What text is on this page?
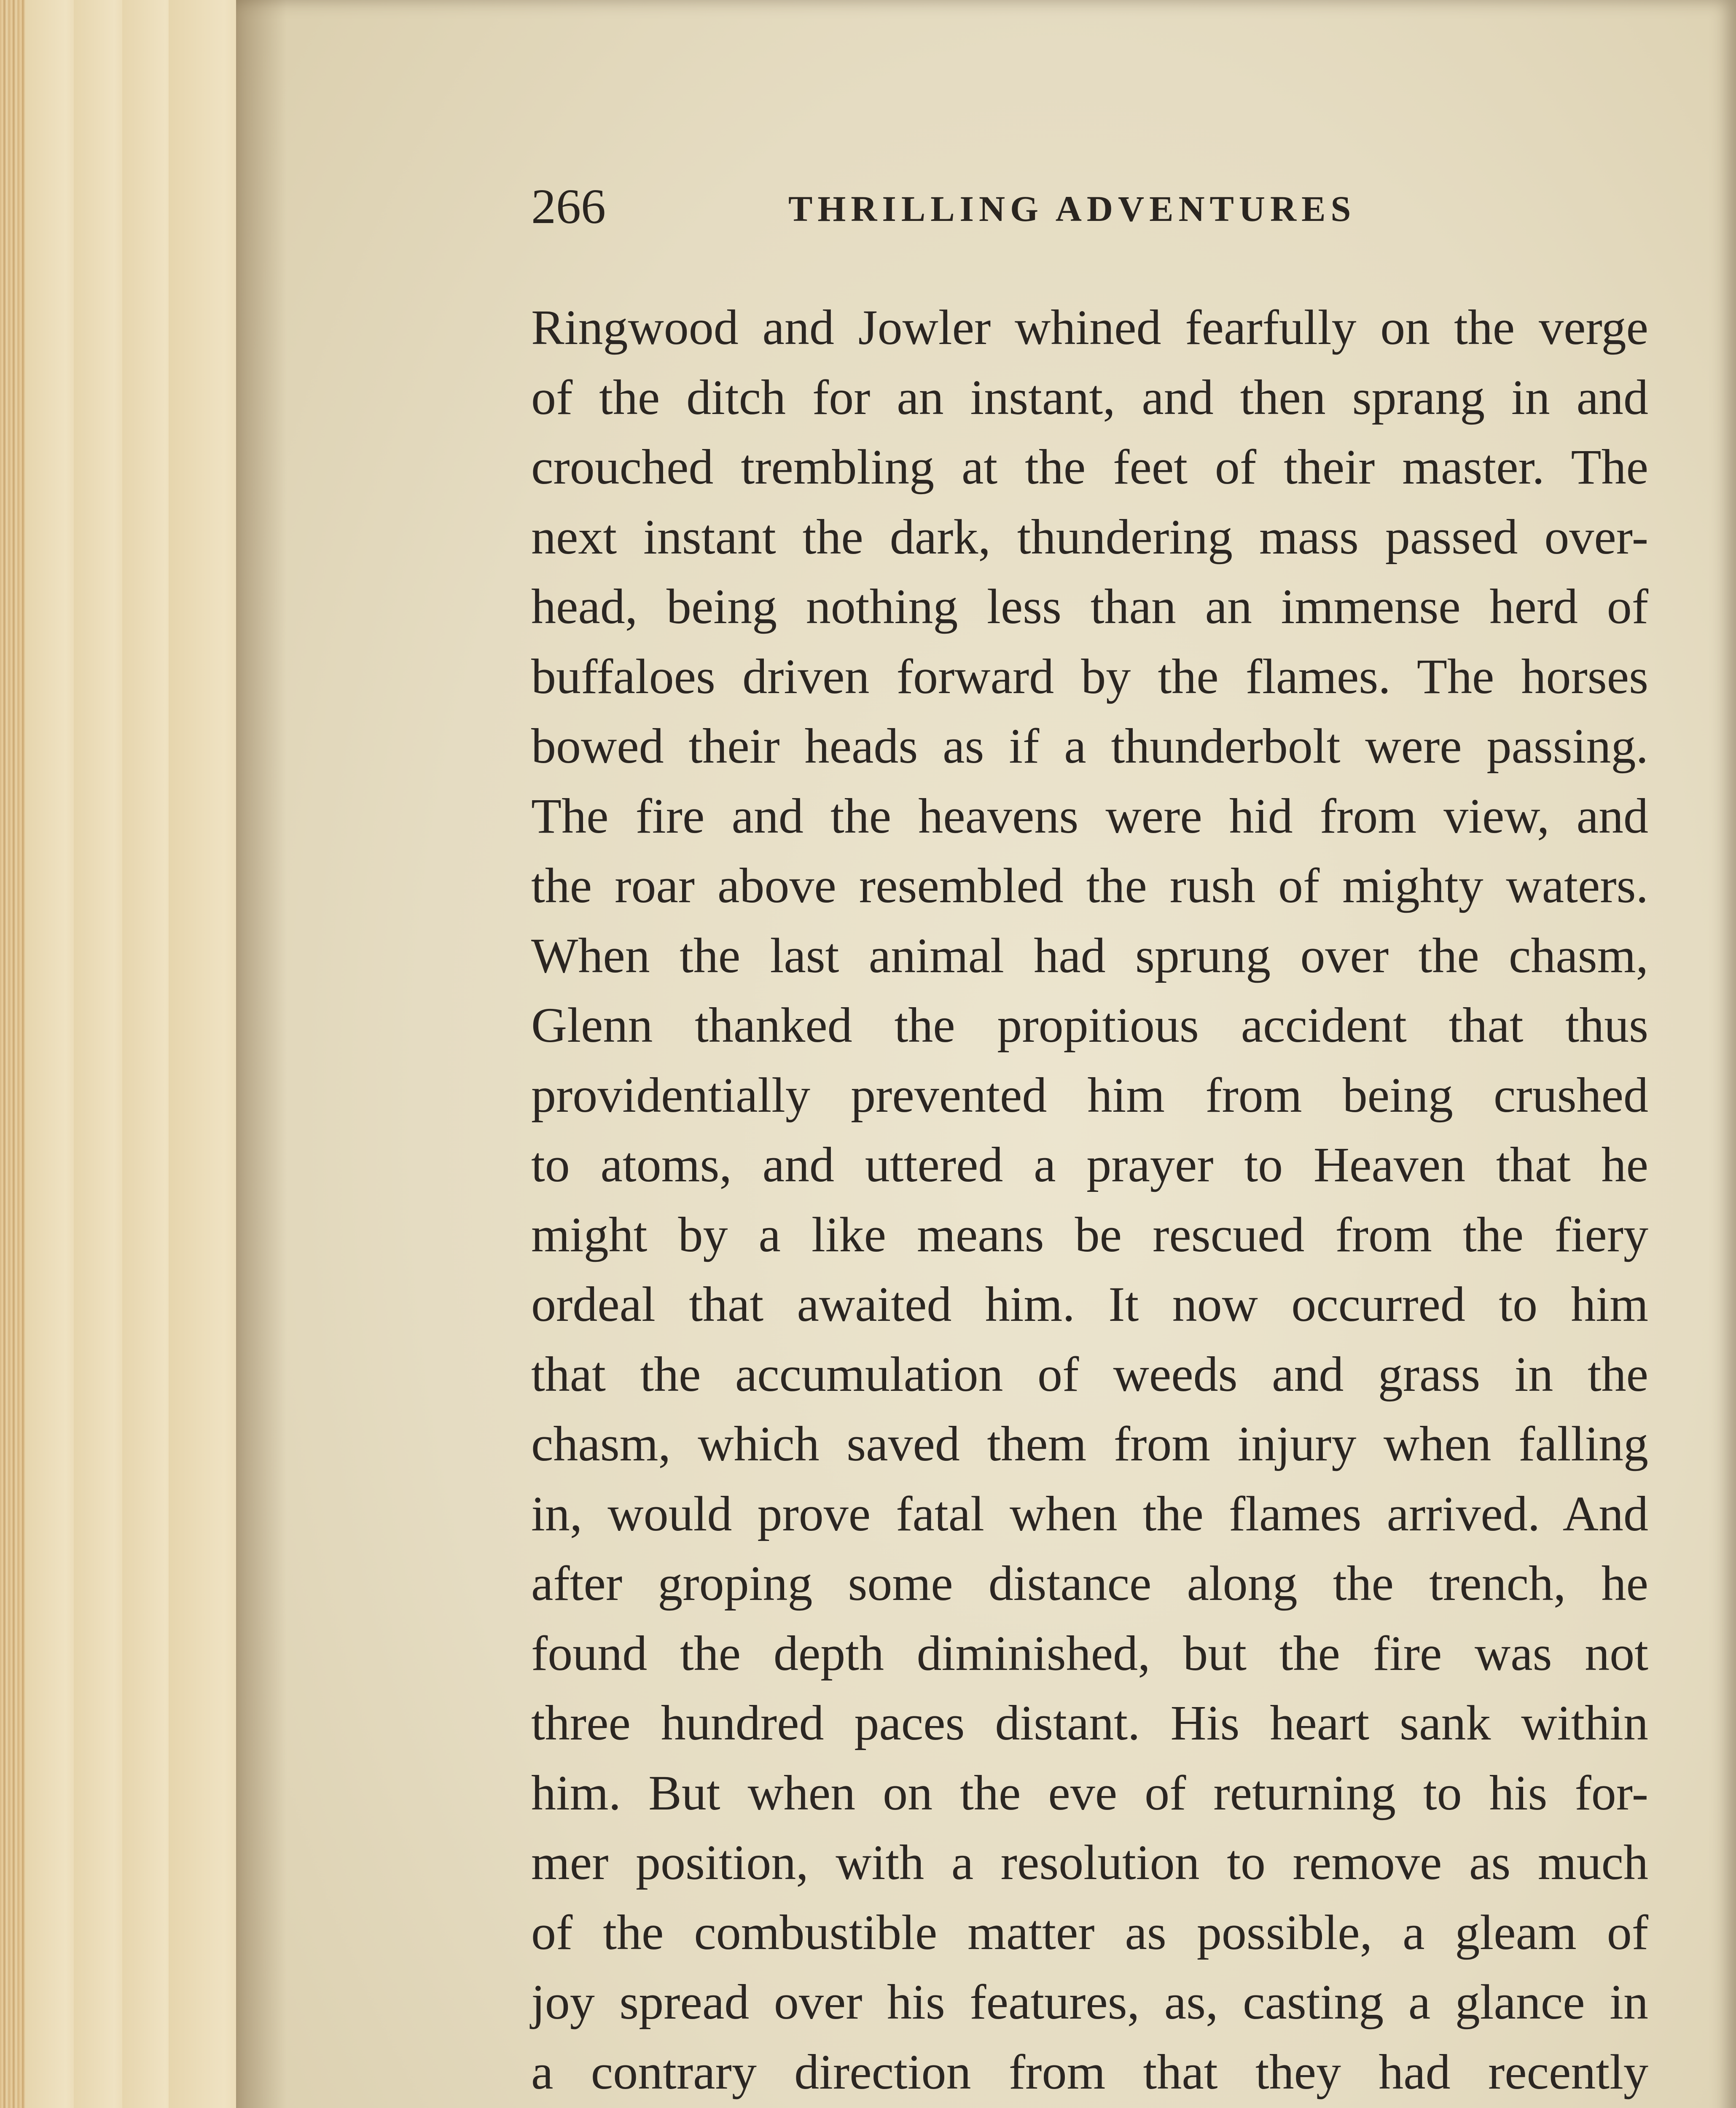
266	THRILLING ADVENTURES
Ringwood and Jowler whined fearfully on the verge
of the ditch for an instant, and then sprang in and
crouched trembling at the feet of their master. The
next instant the dark, thundering mass passed over-
head, being nothing less than an immense herd of
buffaloes driven forward by the flames. The horses
bowed their heads as if a thunderbolt were passing.
The fire and the heavens were hid from view, and
the roar above resembled the rush of mighty waters.
When the last animal had sprung over the chasm,
Glenn thanked the propitious accident that thus
providentially prevented him from being crushed
to atoms, and uttered a prayer to Heaven that he
might by a like means be rescued from the fiery
ordeal that awaited him. It now occurred to him
that the accumulation of weeds and grass in the
chasm, which saved them from injury when falling
in, would prove fatal when the flames arrived. And
after groping some distance along the trench, he
found the depth diminished, but the fire was not
three hundred paces distant. His heart sank within
him. But when on the eve of returning to his for-
mer position, with a resolution to remove as much
of the combustible matter as possible, a gleam of
joy spread over his features, as, casting a glance in
a contrary direction from that they had recently
